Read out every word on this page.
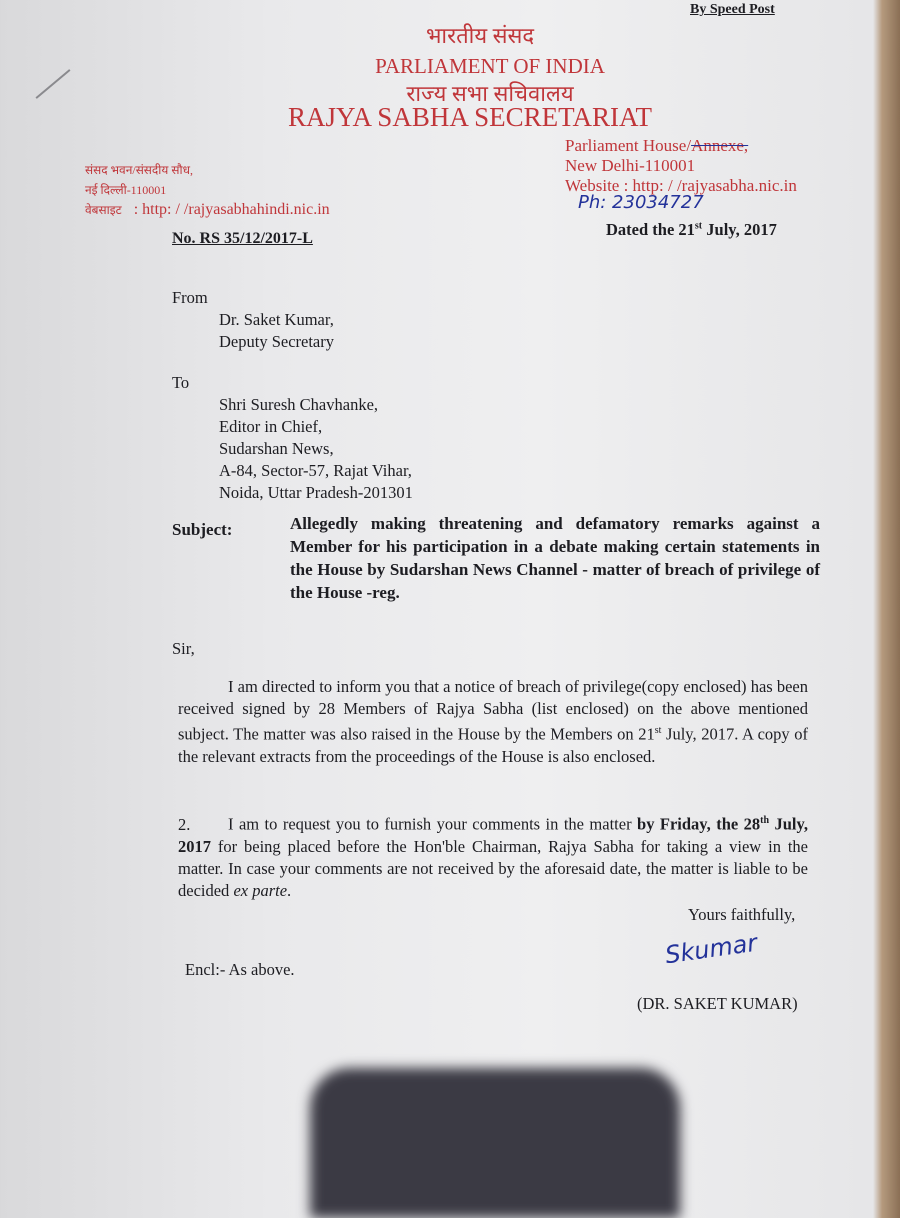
By Speed Post
भारतीय संसद
PARLIAMENT OF INDIA
राज्य सभा सचिवालय
RAJYA SABHA SECRETARIAT
संसद भवन/संसदीय सौध,
नई दिल्ली-110001
वेबसाइट : http: / /rajyasabhahindi.nic.in
Parliament House/Annexe,
New Delhi-110001
Website : http: / /rajyasabha.nic.in
Ph: 23034727
No. RS 35/12/2017-L	Dated the 21st July, 2017
From
Dr. Saket Kumar,
Deputy Secretary
To
Shri Suresh Chavhanke,
Editor in Chief,
Sudarshan News,
A-84, Sector-57, Rajat Vihar,
Noida, Uttar Pradesh-201301
Subject:	Allegedly making threatening and defamatory remarks against a Member for his participation in a debate making certain statements in the House by Sudarshan News Channel - matter of breach of privilege of the House -reg.
Sir,
I am directed to inform you that a notice of breach of privilege(copy enclosed) has been received signed by 28 Members of Rajya Sabha (list enclosed) on the above mentioned subject. The matter was also raised in the House by the Members on 21st July, 2017. A copy of the relevant extracts from the proceedings of the House is also enclosed.
2. I am to request you to furnish your comments in the matter by Friday, the 28th July, 2017 for being placed before the Hon'ble Chairman, Rajya Sabha for taking a view in the matter. In case your comments are not received by the aforesaid date, the matter is liable to be decided ex parte.
Yours faithfully,
Skumar
Encl:- As above.
(DR. SAKET KUMAR)
